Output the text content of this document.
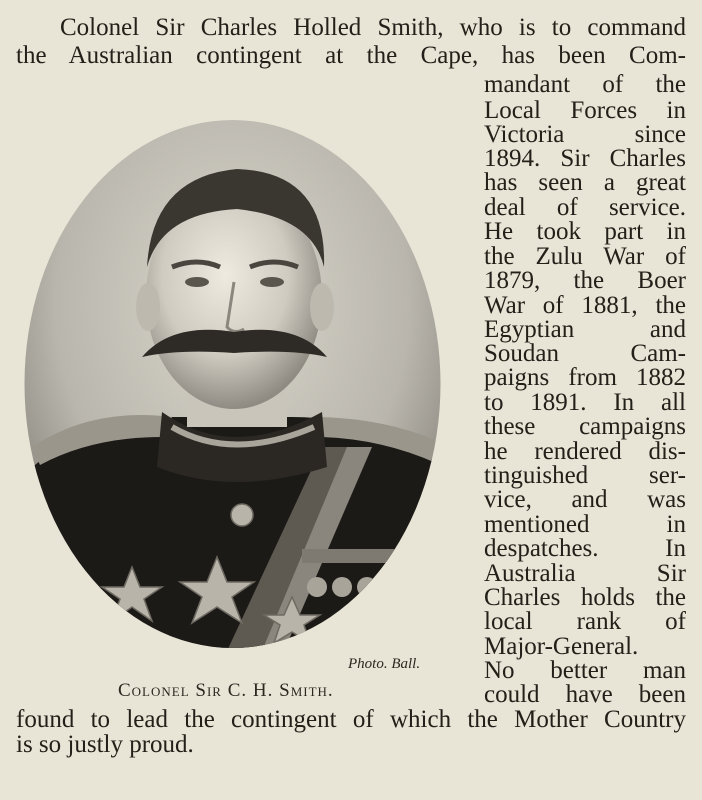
Colonel Sir Charles Holled Smith, who is to command

the Australian contingent at the Cape, has been Com-

mandant of the

Local Forces in

Victoria since

1894. Sir Charles

has seen a great

deal of service.

He took part in

the Zulu War of

1879, the Boer

War of 1881, the

Egyptian and

Soudan Cam-

paigns from 1882

to 1891. In all

these campaigns

he rendered dis-

tinguished ser-

vice, and was

mentioned in

despatches. In

Australia Sir

Charles holds the

local rank of

Major-General.

No better man

could have been

found to lead the contingent of which the Mother Country

is so justly proud.

Photo. Ball.
Colonel Sir C. H. Smith.
